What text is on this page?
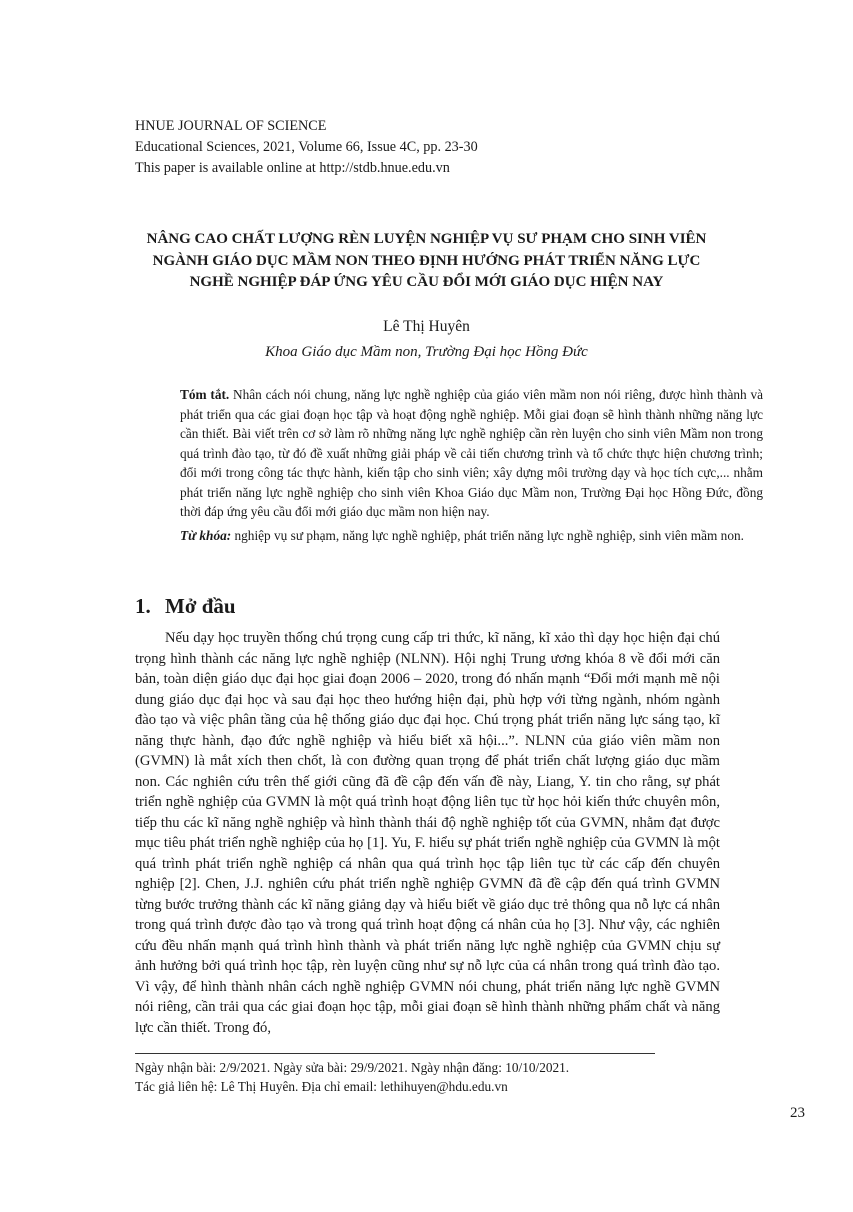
HNUE JOURNAL OF SCIENCE
Educational Sciences, 2021, Volume 66, Issue 4C, pp. 23-30
This paper is available online at http://stdb.hnue.edu.vn
NÂNG CAO CHẤT LƯỢNG RÈN LUYỆN NGHIỆP VỤ SƯ PHẠM CHO SINH VIÊN
NGÀNH GIÁO DỤC MẦM NON THEO ĐỊNH HƯỚNG PHÁT TRIỂN NĂNG LỰC
NGHỀ NGHIỆP ĐÁP ỨNG YÊU CẦU ĐỔI MỚI GIÁO DỤC HIỆN NAY
Lê Thị Huyên
Khoa Giáo dục Mầm non, Trường Đại học Hồng Đức

Tóm tắt. Nhân cách nói chung, năng lực nghề nghiệp của giáo viên mầm non nói riêng, được hình thành và phát triển qua các giai đoạn học tập và hoạt động nghề nghiệp. Mỗi giai đoạn sẽ hình thành những năng lực cần thiết. Bài viết trên cơ sở làm rõ những năng lực nghề nghiệp cần rèn luyện cho sinh viên Mầm non trong quá trình đào tạo, từ đó đề xuất những giải pháp về cải tiến chương trình và tổ chức thực hiện chương trình; đổi mới trong công tác thực hành, kiến tập cho sinh viên; xây dựng môi trường dạy và học tích cực,... nhằm phát triển năng lực nghề nghiệp cho sinh viên Khoa Giáo dục Mầm non, Trường Đại học Hồng Đức, đồng thời đáp ứng yêu cầu đổi mới giáo dục mầm non hiện nay.

Từ khóa: nghiệp vụ sư phạm, năng lực nghề nghiệp, phát triển năng lực nghề nghiệp, sinh viên mầm non.

1. Mở đầu

Nếu dạy học truyền thống chú trọng cung cấp tri thức, kĩ năng, kĩ xảo thì dạy học hiện đại chú trọng hình thành các năng lực nghề nghiệp (NLNN). Hội nghị Trung ương khóa 8 về đổi mới căn bản, toàn diện giáo dục đại học giai đoạn 2006 – 2020, trong đó nhấn mạnh “Đổi mới mạnh mẽ nội dung giáo dục đại học và sau đại học theo hướng hiện đại, phù hợp với từng ngành, nhóm ngành đào tạo và việc phân tầng của hệ thống giáo dục đại học. Chú trọng phát triển năng lực sáng tạo, kĩ năng thực hành, đạo đức nghề nghiệp và hiểu biết xã hội...”. NLNN của giáo viên mầm non (GVMN) là mắt xích then chốt, là con đường quan trọng để phát triển chất lượng giáo dục mầm non. Các nghiên cứu trên thế giới cũng đã đề cập đến vấn đề này, Liang, Y. tin cho rằng, sự phát triển nghề nghiệp của GVMN là một quá trình hoạt động liên tục từ học hỏi kiến thức chuyên môn, tiếp thu các kĩ năng nghề nghiệp và hình thành thái độ nghề nghiệp tốt của GVMN, nhằm đạt được mục tiêu phát triển nghề nghiệp của họ [1]. Yu, F. hiểu sự phát triển nghề nghiệp của GVMN là một quá trình phát triển nghề nghiệp cá nhân qua quá trình học tập liên tục từ các cấp đến chuyên nghiệp [2]. Chen, J.J. nghiên cứu phát triển nghề nghiệp GVMN đã đề cập đến quá trình GVMN từng bước trưởng thành các kĩ năng giảng dạy và hiểu biết về giáo dục trẻ thông qua nỗ lực cá nhân trong quá trình được đào tạo và trong quá trình hoạt động cá nhân của họ [3]. Như vậy, các nghiên cứu đều nhấn mạnh quá trình hình thành và phát triển năng lực nghề nghiệp của GVMN chịu sự ảnh hưởng bởi quá trình học tập, rèn luyện cũng như sự nỗ lực của cá nhân trong quá trình đào tạo. Vì vậy, để hình thành nhân cách nghề nghiệp GVMN nói chung, phát triển năng lực nghề GVMN nói riêng, cần trải qua các giai đoạn học tập, mỗi giai đoạn sẽ hình thành những phẩm chất và năng lực cần thiết. Trong đó,

Ngày nhận bài: 2/9/2021. Ngày sửa bài: 29/9/2021. Ngày nhận đăng: 10/10/2021.
Tác giả liên hệ: Lê Thị Huyên. Địa chỉ email: lethihuyen@hdu.edu.vn
23
